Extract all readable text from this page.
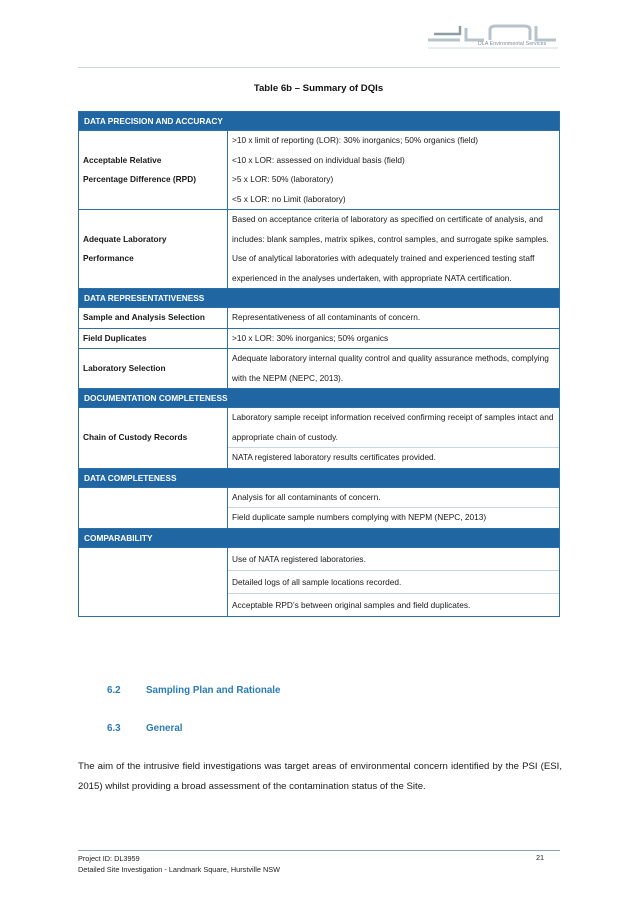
DLA Environmental Services
Table 6b – Summary of DQIs
DATA PRECISION AND ACCURACY	

Acceptable Relative
Percentage Difference (RPD)	>10 x limit of reporting (LOR): 30% inorganics; 50% organics (field)
<10 x LOR: assessed on individual basis (field)
>5 x LOR: 50% (laboratory)
<5 x LOR: no Limit (laboratory)

Adequate Laboratory
Performance	Based on acceptance criteria of laboratory as specified on certificate of analysis, and includes: blank samples, matrix spikes, control samples, and surrogate spike samples.
Use of analytical laboratories with adequately trained and experienced testing staff experienced in the analyses undertaken, with appropriate NATA certification.

DATA REPRESENTATIVENESS	
Sample and Analysis Selection	Representativeness of all contaminants of concern.
Field Duplicates	>10 x LOR: 30% inorganics; 50% organics
Laboratory Selection	Adequate laboratory internal quality control and quality assurance methods, complying with the NEPM (NEPC, 2013).
DOCUMENTATION COMPLETENESS	
Chain of Custody Records	Laboratory sample receipt information received confirming receipt of samples intact and appropriate chain of custody.
NATA registered laboratory results certificates provided.

DATA COMPLETENESS	

	Analysis for all contaminants of concern.
Field duplicate sample numbers complying with NEPM (NEPC, 2013)

COMPARABILITY	

	Use of NATA registered laboratories.
Detailed logs of all sample locations recorded.
Acceptable RPD’s between original samples and field duplicates.
6.2	Sampling Plan and Rationale
6.3	General

The aim of the intrusive field investigations was target areas of environmental concern identified by the PSI (ESI, 2015) whilst providing a broad assessment of the contamination status of the Site.

Project ID: DL3959
Detailed Site Investigation - Landmark Square, Hurstville NSW
21
